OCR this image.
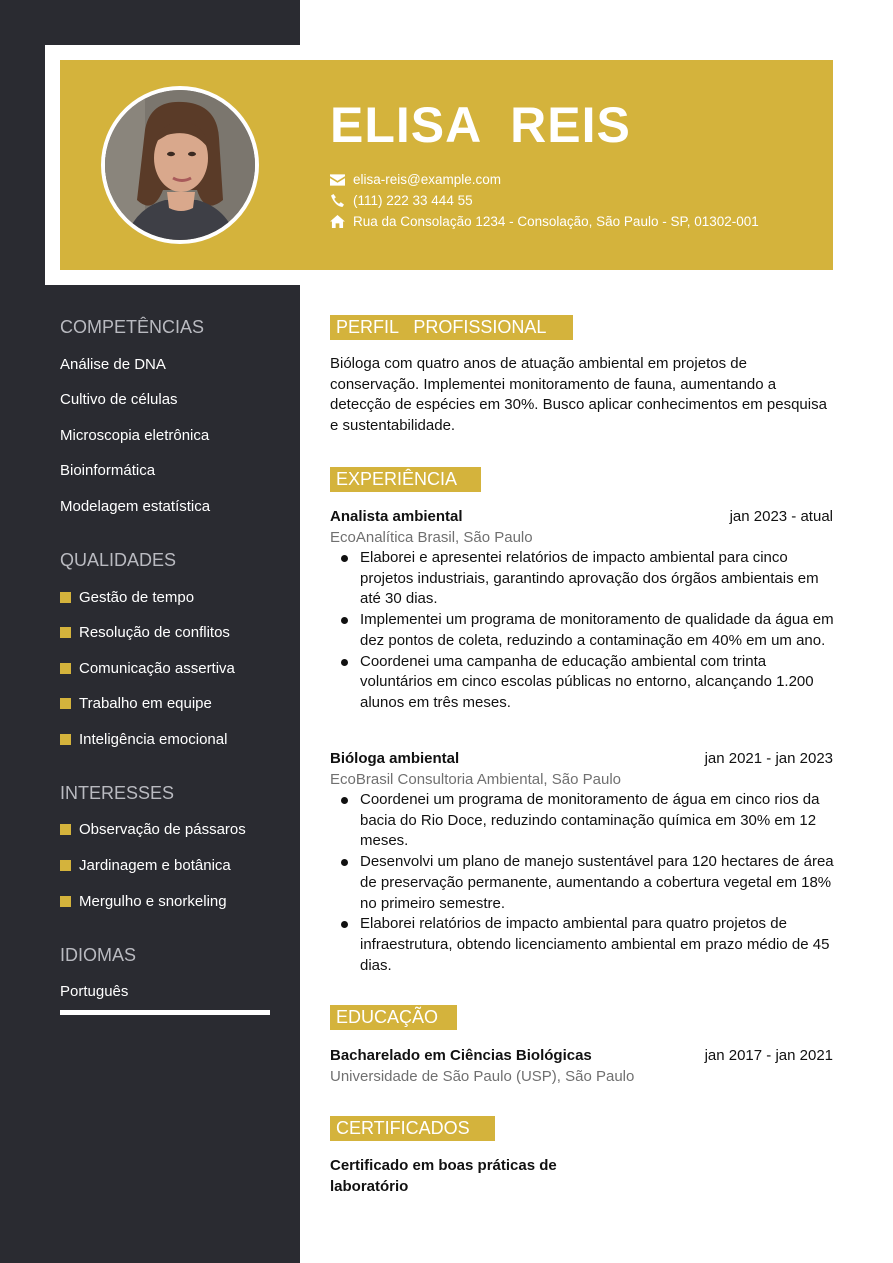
ELISA  REIS
elisa-reis@example.com
(111) 222 33 444 55
Rua da Consolação 1234 - Consolação, São Paulo - SP, 01302-001
COMPETÊNCIAS
Análise de DNA
Cultivo de células
Microscopia eletrônica
Bioinformática
Modelagem estatística
QUALIDADES
Gestão de tempo
Resolução de conflitos
Comunicação assertiva
Trabalho em equipe
Inteligência emocional
INTERESSES
Observação de pássaros
Jardinagem e botânica
Mergulho e snorkeling
IDIOMAS
Português
PERFIL   PROFISSIONAL
Bióloga com quatro anos de atuação ambiental em projetos de conservação. Implementei monitoramento de fauna, aumentando a detecção de espécies em 30%. Busco aplicar conhecimentos em pesquisa e sustentabilidade.
EXPERIÊNCIA
Analista ambiental	jan 2023 - atual
EcoAnalítica Brasil, São Paulo
Elaborei e apresentei relatórios de impacto ambiental para cinco projetos industriais, garantindo aprovação dos órgãos ambientais em até 30 dias.
Implementei um programa de monitoramento de qualidade da água em dez pontos de coleta, reduzindo a contaminação em 40% em um ano.
Coordenei uma campanha de educação ambiental com trinta voluntários em cinco escolas públicas no entorno, alcançando 1.200 alunos em três meses.
Bióloga ambiental	jan 2021 - jan 2023
EcoBrasil Consultoria Ambiental, São Paulo
Coordenei um programa de monitoramento de água em cinco rios da bacia do Rio Doce, reduzindo contaminação química em 30% em 12 meses.
Desenvolvi um plano de manejo sustentável para 120 hectares de área de preservação permanente, aumentando a cobertura vegetal em 18% no primeiro semestre.
Elaborei relatórios de impacto ambiental para quatro projetos de infraestrutura, obtendo licenciamento ambiental em prazo médio de 45 dias.
EDUCAÇÃO
Bacharelado em Ciências Biológicas	jan 2017 - jan 2021
Universidade de São Paulo (USP), São Paulo
CERTIFICADOS
Certificado em boas práticas de laboratório
